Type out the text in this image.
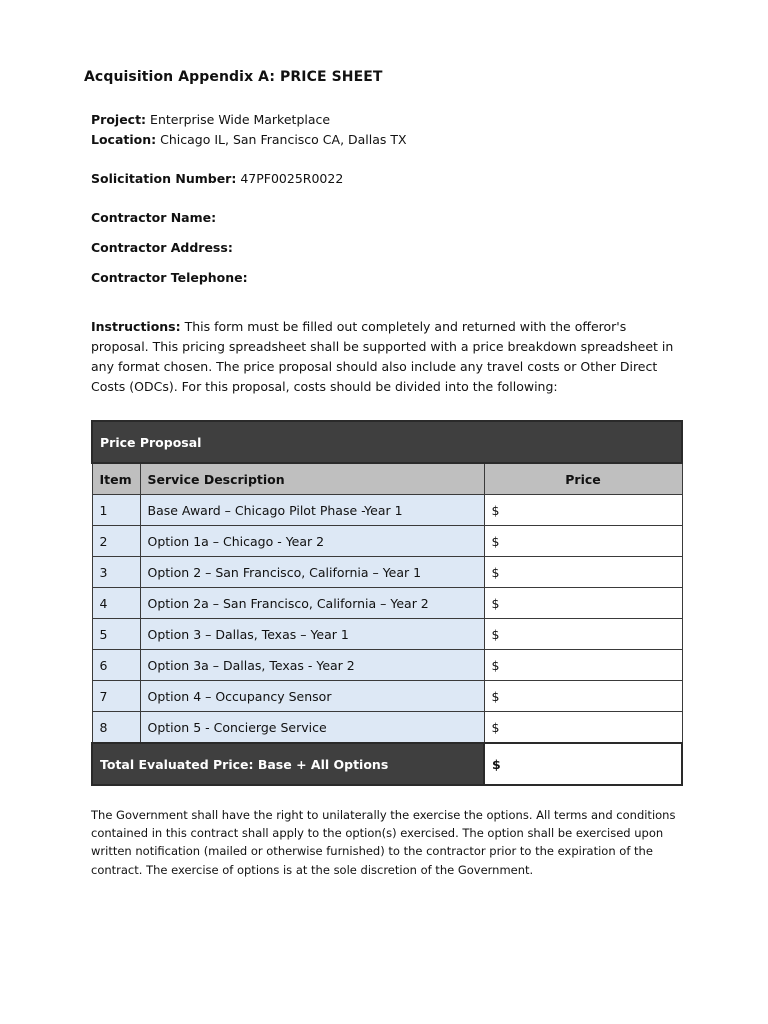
Acquisition Appendix A: PRICE SHEET
Project: Enterprise Wide Marketplace
Location: Chicago IL, San Francisco CA, Dallas TX
Solicitation Number: 47PF0025R0022
Contractor Name:
Contractor Address:
Contractor Telephone:
Instructions: This form must be filled out completely and returned with the offeror's proposal. This pricing spreadsheet shall be supported with a price breakdown spreadsheet in any format chosen. The price proposal should also include any travel costs or Other Direct Costs (ODCs). For this proposal, costs should be divided into the following:
Price Proposal		
Item	Service Description	Price
1	Base Award – Chicago Pilot Phase -Year 1	$
2	Option 1a – Chicago - Year 2	$
3	Option 2 – San Francisco, California – Year 1	$
4	Option 2a – San Francisco, California – Year 2	$
5	Option 3 – Dallas, Texas – Year 1	$
6	Option 3a – Dallas, Texas - Year 2	$
7	Option 4 – Occupancy Sensor	$
8	Option 5 - Concierge Service	$
Total Evaluated Price: Base + All Options		$
The Government shall have the right to unilaterally the exercise the options. All terms and conditions contained in this contract shall apply to the option(s) exercised. The option shall be exercised upon written notification (mailed or otherwise furnished) to the contractor prior to the expiration of the contract. The exercise of options is at the sole discretion of the Government.
